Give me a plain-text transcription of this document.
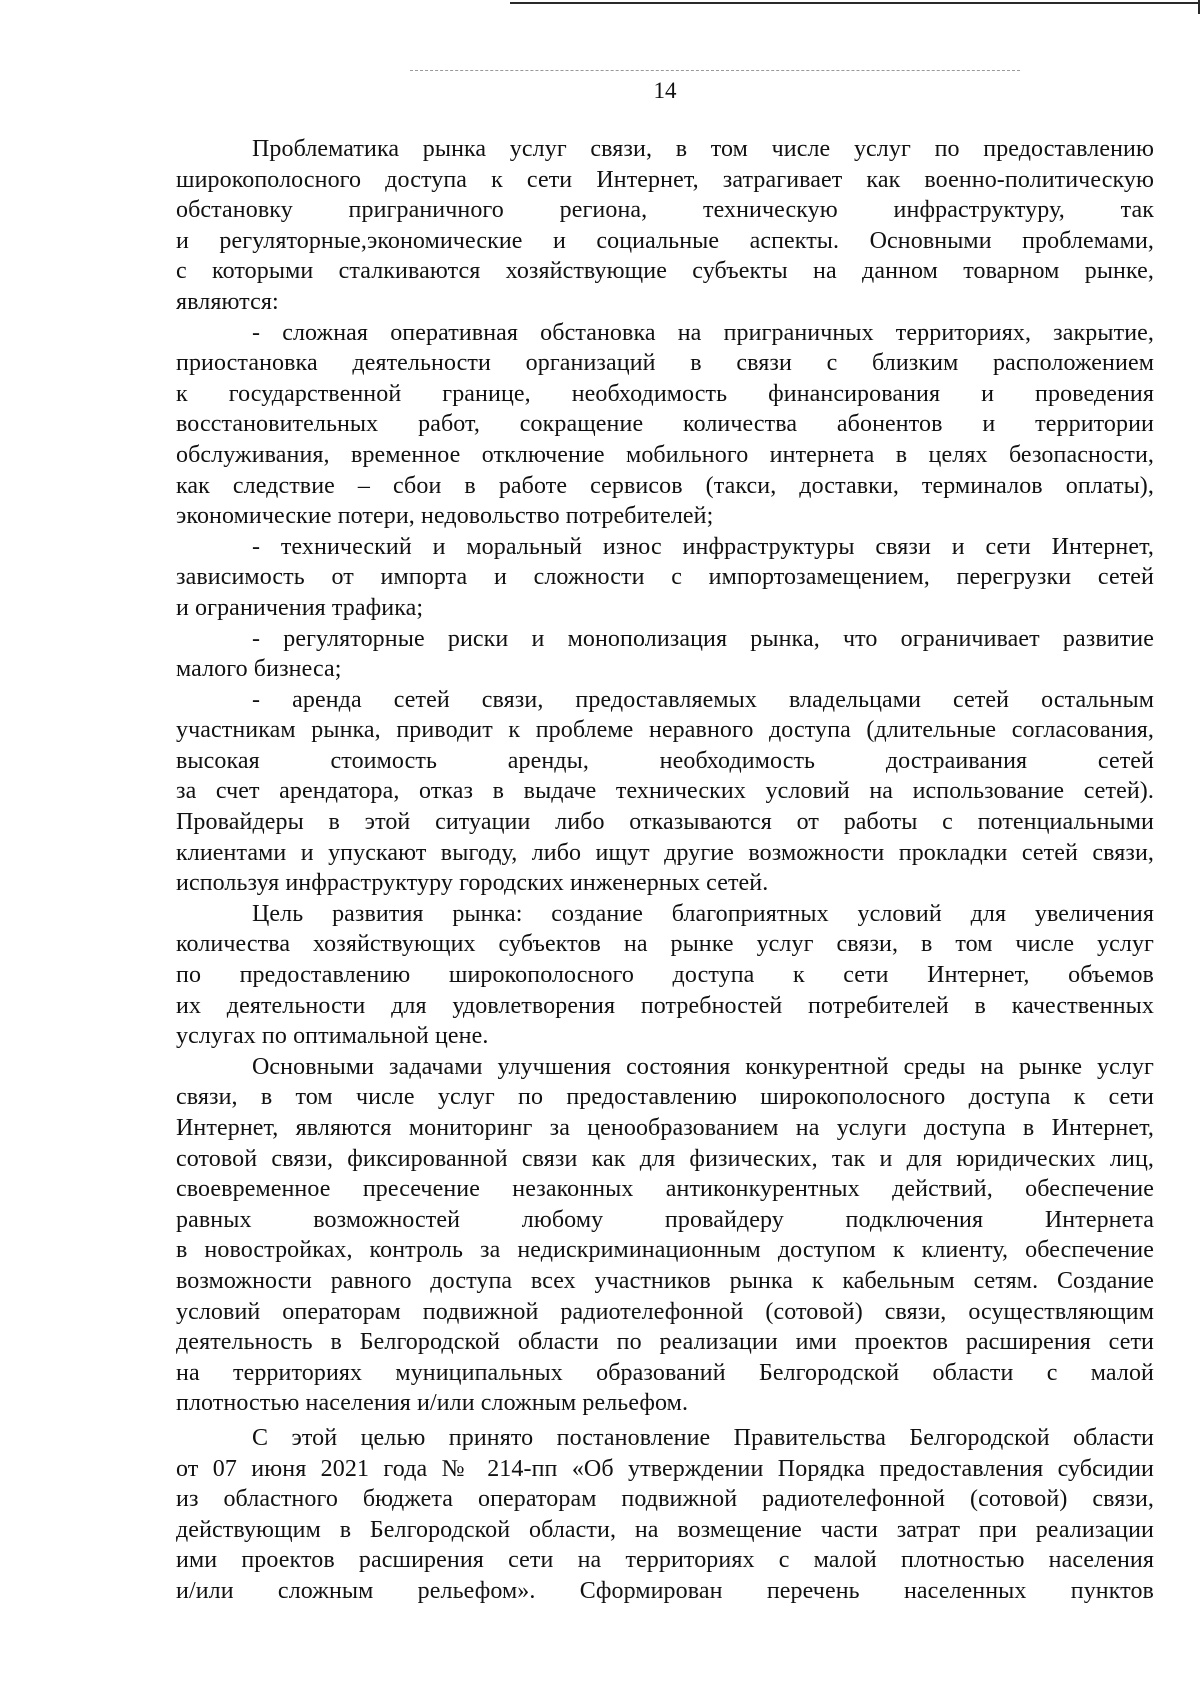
14

Проблематика рынка услуг связи, в том числе услуг по предоставлению
широкополосного доступа к сети Интернет, затрагивает как военно-политическую
обстановку приграничного региона, техническую инфраструктуру, так
и регуляторные,экономические и социальные аспекты. Основными проблемами,
с которыми сталкиваются хозяйствующие субъекты на данном товарном рынке,
являются:

- сложная оперативная обстановка на приграничных территориях, закрытие,
приостановка деятельности организаций в связи с близким расположением
к государственной границе, необходимость финансирования и проведения
восстановительных работ, сокращение количества абонентов и территории
обслуживания, временное отключение мобильного интернета в целях безопасности,
как следствие – сбои в работе сервисов (такси, доставки, терминалов оплаты),
экономические потери, недовольство потребителей;

- технический и моральный износ инфраструктуры связи и сети Интернет,
зависимость от импорта и сложности с импортозамещением, перегрузки сетей
и ограничения трафика;

- регуляторные риски и монополизация рынка, что ограничивает развитие
малого бизнеса;

- аренда сетей связи, предоставляемых владельцами сетей остальным
участникам рынка, приводит к проблеме неравного доступа (длительные согласования,
высокая стоимость аренды, необходимость достраивания сетей
за счет арендатора, отказ в выдаче технических условий на использование сетей).
Провайдеры в этой ситуации либо отказываются от работы с потенциальными
клиентами и упускают выгоду, либо ищут другие возможности прокладки сетей связи,
используя инфраструктуру городских инженерных сетей.

Цель развития рынка: создание благоприятных условий для увеличения
количества хозяйствующих субъектов на рынке услуг связи, в том числе услуг
по предоставлению широкополосного доступа к сети Интернет, объемов
их деятельности для удовлетворения потребностей потребителей в качественных
услугах по оптимальной цене.

Основными задачами улучшения состояния конкурентной среды на рынке услуг
связи, в том числе услуг по предоставлению широкополосного доступа к сети
Интернет, являются мониторинг за ценообразованием на услуги доступа в Интернет,
сотовой связи, фиксированной связи как для физических, так и для юридических лиц,
своевременное пресечение незаконных антиконкурентных действий, обеспечение
равных возможностей любому провайдеру подключения Интернета
в новостройках, контроль за недискриминационным доступом к клиенту, обеспечение
возможности равного доступа всех участников рынка к кабельным сетям. Создание
условий операторам подвижной радиотелефонной (сотовой) связи, осуществляющим
деятельность в Белгородской области по реализации ими проектов расширения сети
на территориях муниципальных образований Белгородской области с малой
плотностью населения и/или сложным рельефом.

С этой целью принято постановление Правительства Белгородской области
от 07 июня 2021 года № 214-пп «Об утверждении Порядка предоставления субсидии
из областного бюджета операторам подвижной радиотелефонной (сотовой) связи,
действующим в Белгородской области, на возмещение части затрат при реализации
ими проектов расширения сети на территориях с малой плотностью населения
и/или сложным рельефом». Сформирован перечень населенных пунктов
